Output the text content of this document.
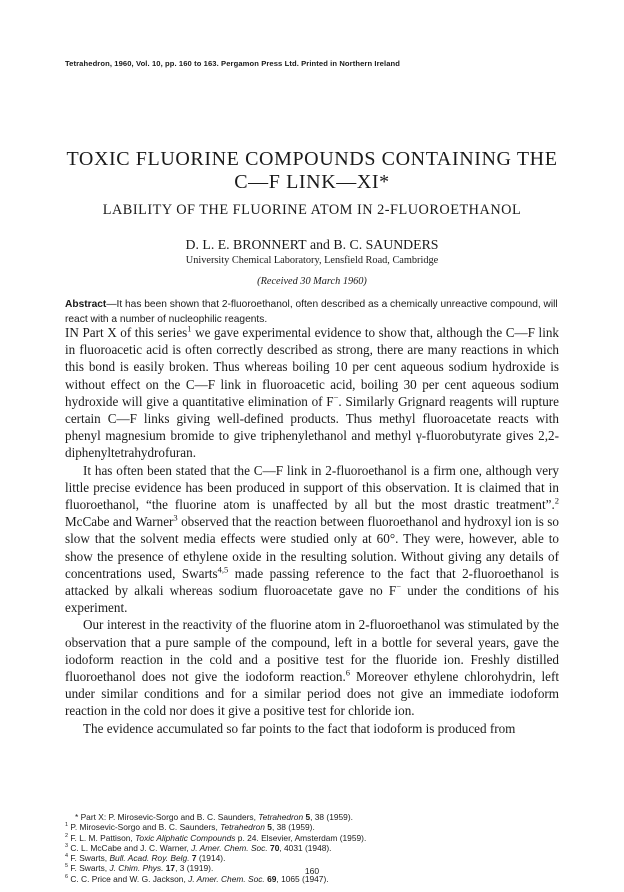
Tetrahedron, 1960, Vol. 10, pp. 160 to 163. Pergamon Press Ltd. Printed in Northern Ireland
TOXIC FLUORINE COMPOUNDS CONTAINING THE
C—F LINK—XI*
LABILITY OF THE FLUORINE ATOM IN 2-FLUOROETHANOL
D. L. E. BRONNERT and B. C. SAUNDERS
University Chemical Laboratory, Lensfield Road, Cambridge
(Received 30 March 1960)
Abstract—It has been shown that 2-fluoroethanol, often described as a chemically unreactive compound, will react with a number of nucleophilic reagents.

IN Part X of this series$^1$ we gave experimental evidence to show that, although the C—F link in fluoroacetic acid is often correctly described as strong, there are many reactions in which this bond is easily broken. Thus whereas boiling 10 per cent aqueous sodium hydroxide is without effect on the C—F link in fluoroacetic acid, boiling 30 per cent aqueous sodium hydroxide will give a quantitative elimination of F−. Similarly Grignard reagents will rupture certain C—F links giving well-defined products. Thus methyl fluoroacetate reacts with phenyl magnesium bromide to give triphenylethanol and methyl γ-fluorobutyrate gives 2,2-diphenyltetrahydrofuran.

It has often been stated that the C—F link in 2-fluoroethanol is a firm one, although very little precise evidence has been produced in support of this observation. It is claimed that in fluoroethanol, “the fluorine atom is unaffected by all but the most drastic treatment”.$^2$ McCabe and Warner$^3$ observed that the reaction between fluoroethanol and hydroxyl ion is so slow that the solvent media effects were studied only at 60°. They were, however, able to show the presence of ethylene oxide in the resulting solution. Without giving any details of concentrations used, Swarts$^{4,5}$ made passing reference to the fact that 2-fluoroethanol is attacked by alkali whereas sodium fluoroacetate gave no F− under the conditions of his experiment.

Our interest in the reactivity of the fluorine atom in 2-fluoroethanol was stimulated by the observation that a pure sample of the compound, left in a bottle for several years, gave the iodoform reaction in the cold and a positive test for the fluoride ion. Freshly distilled fluoroethanol does not give the iodoform reaction.$^6$ Moreover ethylene chlorohydrin, left under similar conditions and for a similar period does not give an immediate iodoform reaction in the cold nor does it give a positive test for chloride ion.

The evidence accumulated so far points to the fact that iodoform is produced from

* Part X: P. Mirosevic-Sorgo and B. C. Saunders, Tetrahedron 5, 38 (1959).
$^1$ P. Mirosevic-Sorgo and B. C. Saunders, Tetrahedron 5, 38 (1959).
$^2$ F. L. M. Pattison, Toxic Aliphatic Compounds p. 24. Elsevier, Amsterdam (1959).
$^3$ C. L. McCabe and J. C. Warner, J. Amer. Chem. Soc. 70, 4031 (1948).
$^4$ F. Swarts, Bull. Acad. Roy. Belg. 7 (1914).
$^5$ F. Swarts, J. Chim. Phys. 17, 3 (1919).
$^6$ C. C. Price and W. G. Jackson, J. Amer. Chem. Soc. 69, 1065 (1947).
160
